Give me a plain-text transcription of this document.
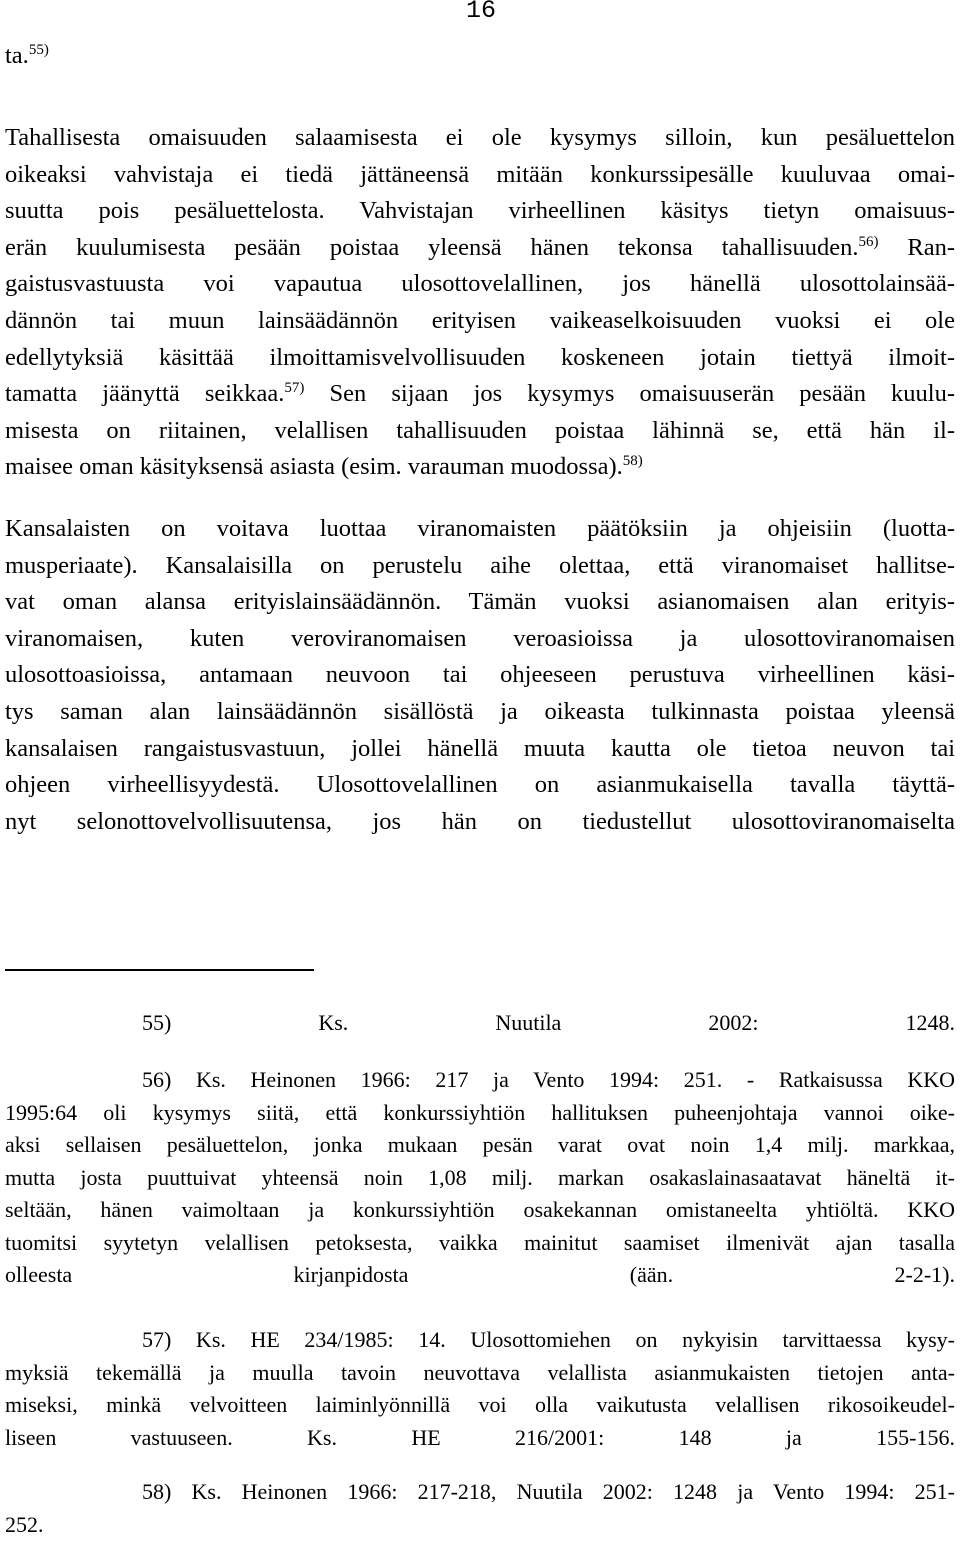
16

ta.$^{55)}$

Tahallisesta omaisuuden salaamisesta ei ole kysymys silloin, kun pesäluettelon
oikeaksi vahvistaja ei tiedä jättäneensä mitään konkurssipesälle kuuluvaa omai-
suutta pois pesäluettelosta. Vahvistajan virheellinen käsitys tietyn omaisuus-
erän kuulumisesta pesään poistaa yleensä hänen tekonsa tahallisuuden.$^{56)}$ Ran-
gaistusvastuusta voi vapautua ulosottovelallinen, jos hänellä ulosottolainsää-
dännön tai muun lainsäädännön erityisen vaikeaselkoisuuden vuoksi ei ole
edellytyksiä käsittää ilmoittamisvelvollisuuden koskeneen jotain tiettyä ilmoit-
tamatta jäänyttä seikkaa.$^{57)}$ Sen sijaan jos kysymys omaisuuserän pesään kuulu-
misesta on riitainen, velallisen tahallisuuden poistaa lähinnä se, että hän il-
maisee oman käsityksensä asiasta (esim. varauman muodossa).$^{58)}$

Kansalaisten on voitava luottaa viranomaisten päätöksiin ja ohjeisiin (luotta-
musperiaate). Kansalaisilla on perustelu aihe olettaa, että viranomaiset hallitse-
vat oman alansa erityislainsäädännön. Tämän vuoksi asianomaisen alan erityis-
viranomaisen, kuten veroviranomaisen veroasioissa ja ulosottoviranomaisen
ulosottoasioissa, antamaan neuvoon tai ohjeeseen perustuva virheellinen käsi-
tys saman alan lainsäädännön sisällöstä ja oikeasta tulkinnasta poistaa yleensä
kansalaisen rangaistusvastuun, jollei hänellä muuta kautta ole tietoa neuvon tai
ohjeen virheellisyydestä. Ulosottovelallinen on asianmukaisella tavalla täyttä-
nyt selonottovelvollisuutensa, jos hän on tiedustellut ulosottoviranomaiselta

55) Ks. Nuutila 2002: 1248.
56) Ks. Heinonen 1966: 217 ja Vento 1994: 251. - Ratkaisussa KKO
1995:64 oli kysymys siitä, että konkurssiyhtiön hallituksen puheenjohtaja vannoi oike-
aksi sellaisen pesäluettelon, jonka mukaan pesän varat ovat noin 1,4 milj. markkaa,
mutta josta puuttuivat yhteensä noin 1,08 milj. markan osakaslainasaatavat häneltä it-
seltään, hänen vaimoltaan ja konkurssiyhtiön osakekannan omistaneelta yhtiöltä. KKO
tuomitsi syytetyn velallisen petoksesta, vaikka mainitut saamiset ilmenivät ajan tasalla
olleesta kirjanpidosta (ään. 2-2-1).
57) Ks. HE 234/1985: 14. Ulosottomiehen on nykyisin tarvittaessa kysy-
myksiä tekemällä ja muulla tavoin neuvottava velallista asianmukaisten tietojen anta-
miseksi, minkä velvoitteen laiminlyönnillä voi olla vaikutusta velallisen rikosoikeudel-
liseen vastuuseen. Ks. HE 216/2001: 148 ja 155-156.
58) Ks. Heinonen 1966: 217-218, Nuutila 2002: 1248 ja Vento 1994: 251-
252.
